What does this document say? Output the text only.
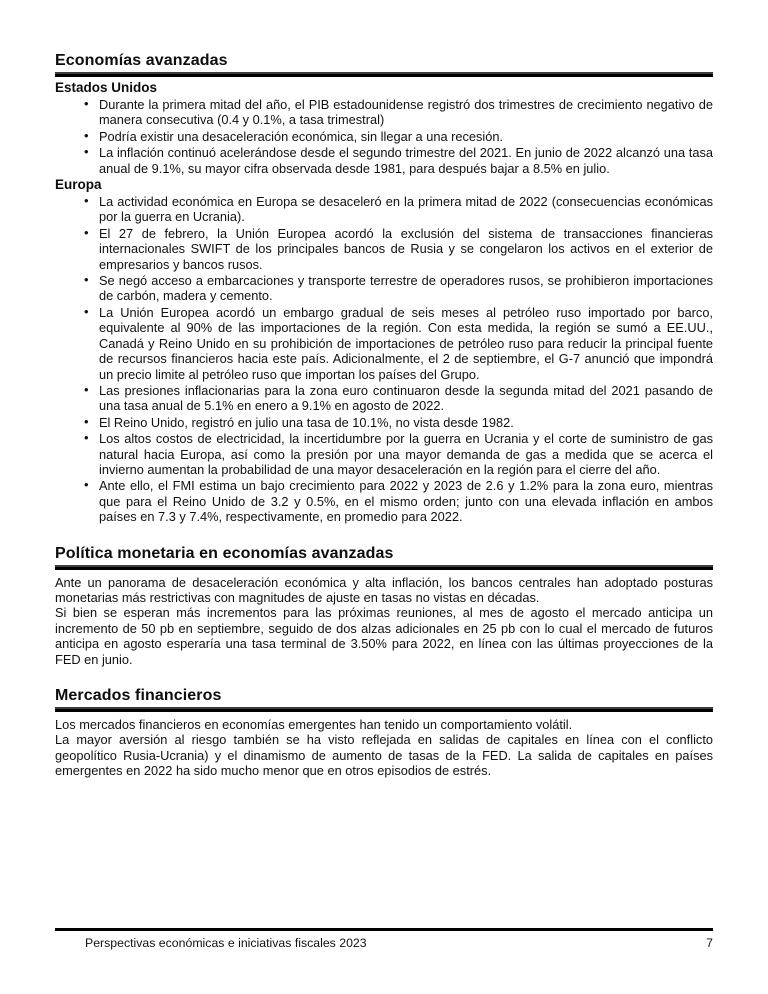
Economías avanzadas
Estados Unidos
• Durante la primera mitad del año, el PIB estadounidense registró dos trimestres de crecimiento negativo de manera consecutiva (0.4 y 0.1%, a tasa trimestral)
• Podría existir una desaceleración económica, sin llegar a una recesión.
• La inflación continuó acelerándose desde el segundo trimestre del 2021. En junio de 2022 alcanzó una tasa anual de 9.1%, su mayor cifra observada desde 1981, para después bajar a 8.5% en julio.
Europa
• La actividad económica en Europa se desaceleró en la primera mitad de 2022 (consecuencias económicas por la guerra en Ucrania).
• El 27 de febrero, la Unión Europea acordó la exclusión del sistema de transacciones financieras internacionales SWIFT de los principales bancos de Rusia y se congelaron los activos en el exterior de empresarios y bancos rusos.
• Se negó acceso a embarcaciones y transporte terrestre de operadores rusos, se prohibieron importaciones de carbón, madera y cemento.
• La Unión Europea acordó un embargo gradual de seis meses al petróleo ruso importado por barco, equivalente al 90% de las importaciones de la región. Con esta medida, la región se sumó a EE.UU., Canadá y Reino Unido en su prohibición de importaciones de petróleo ruso para reducir la principal fuente de recursos financieros hacia este país. Adicionalmente, el 2 de septiembre, el G-7 anunció que impondrá un precio limite al petróleo ruso que importan los países del Grupo.
• Las presiones inflacionarias para la zona euro continuaron desde la segunda mitad del 2021 pasando de una tasa anual de 5.1% en enero a 9.1% en agosto de 2022.
• El Reino Unido, registró en julio una tasa de 10.1%, no vista desde 1982.
• Los altos costos de electricidad, la incertidumbre por la guerra en Ucrania y el corte de suministro de gas natural hacia Europa, así como la presión por una mayor demanda de gas a medida que se acerca el invierno aumentan la probabilidad de una mayor desaceleración en la región para el cierre del año.
• Ante ello, el FMI estima un bajo crecimiento para 2022 y 2023 de 2.6 y 1.2% para la zona euro, mientras que para el Reino Unido de 3.2 y 0.5%, en el mismo orden; junto con una elevada inflación en ambos países en 7.3 y 7.4%, respectivamente, en promedio para 2022.
Política monetaria en economías avanzadas

Ante un panorama de desaceleración económica y alta inflación, los bancos centrales han adoptado posturas monetarias más restrictivas con magnitudes de ajuste en tasas no vistas en décadas.

Si bien se esperan más incrementos para las próximas reuniones, al mes de agosto el mercado anticipa un incremento de 50 pb en septiembre, seguido de dos alzas adicionales en 25 pb con lo cual el mercado de futuros anticipa en agosto esperaría una tasa terminal de 3.50% para 2022, en línea con las últimas proyecciones de la FED en junio.

Mercados financieros

Los mercados financieros en economías emergentes han tenido un comportamiento volátil.

La mayor aversión al riesgo también se ha visto reflejada en salidas de capitales en línea con el conflicto geopolítico Rusia-Ucrania) y el dinamismo de aumento de tasas de la FED. La salida de capitales en países emergentes en 2022 ha sido mucho menor que en otros episodios de estrés.

Perspectivas económicas e iniciativas fiscales 2023	7
